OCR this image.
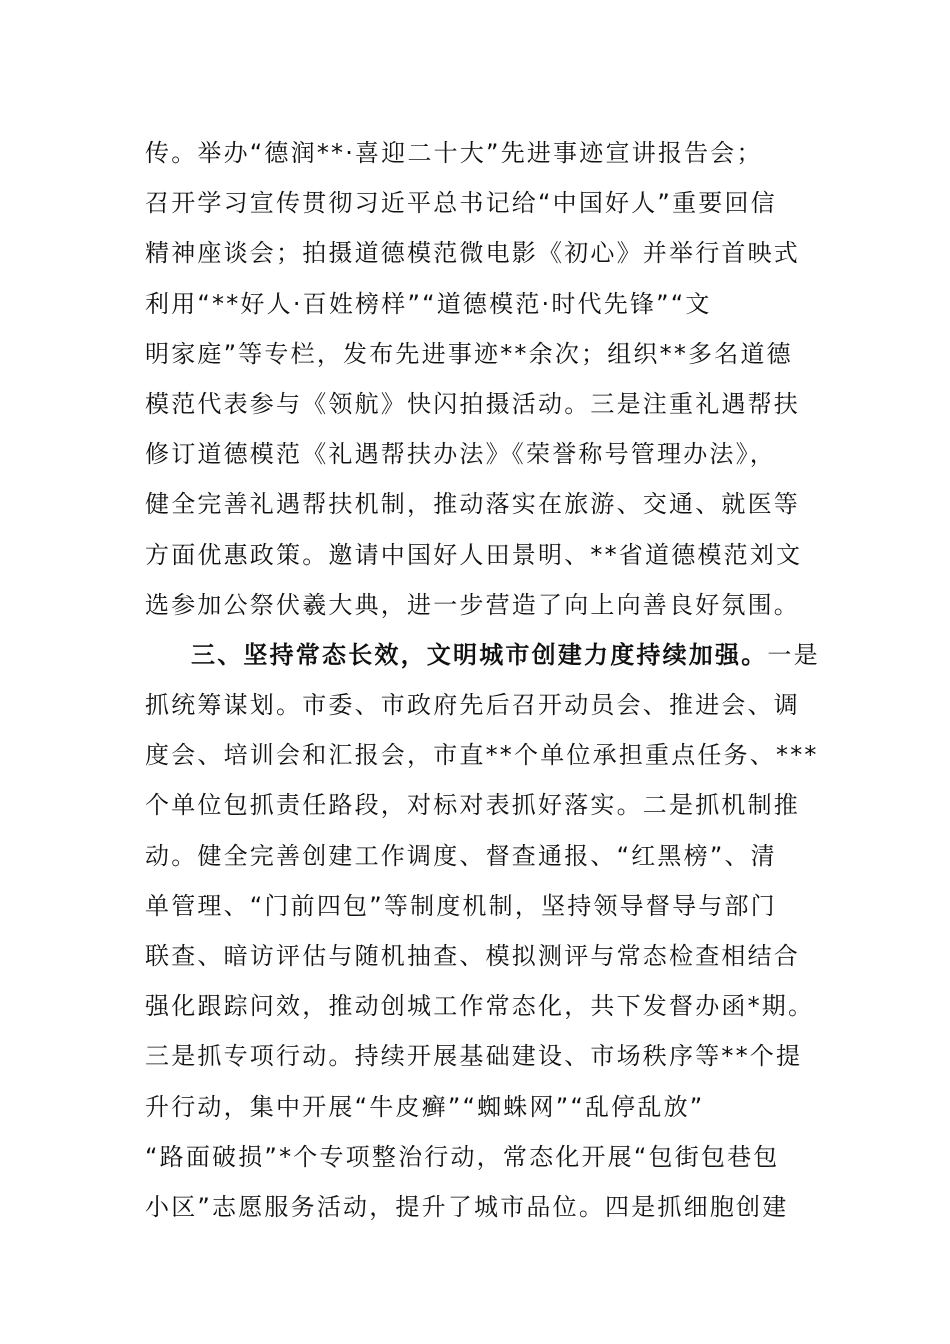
传。举办“德润**·喜迎二十大”先进事迹宣讲报告会；
召开学习宣传贯彻习近平总书记给“中国好人”重要回信
精神座谈会；拍摄道德模范微电影《初心》并举行首映式
利用“**好人·百姓榜样”“道德模范·时代先锋”“文
明家庭”等专栏，发布先进事迹**余次；组织**多名道德
模范代表参与《领航》快闪拍摄活动。三是注重礼遇帮扶
修订道德模范《礼遇帮扶办法》《荣誉称号管理办法》，
健全完善礼遇帮扶机制，推动落实在旅游、交通、就医等
方面优惠政策。邀请中国好人田景明、**省道德模范刘文
选参加公祭伏羲大典，进一步营造了向上向善良好氛围。
三、坚持常态长效，文明城市创建力度持续加强。一是
抓统筹谋划。市委、市政府先后召开动员会、推进会、调
度会、培训会和汇报会，市直**个单位承担重点任务、***
个单位包抓责任路段，对标对表抓好落实。二是抓机制推
动。健全完善创建工作调度、督查通报、“红黑榜”、清
单管理、“门前四包”等制度机制，坚持领导督导与部门
联查、暗访评估与随机抽查、模拟测评与常态检查相结合
强化跟踪问效，推动创城工作常态化，共下发督办函*期。
三是抓专项行动。持续开展基础建设、市场秩序等**个提
升行动，集中开展“牛皮癣”“蜘蛛网”“乱停乱放”
“路面破损”*个专项整治行动，常态化开展“包街包巷包
小区”志愿服务活动，提升了城市品位。四是抓细胞创建
